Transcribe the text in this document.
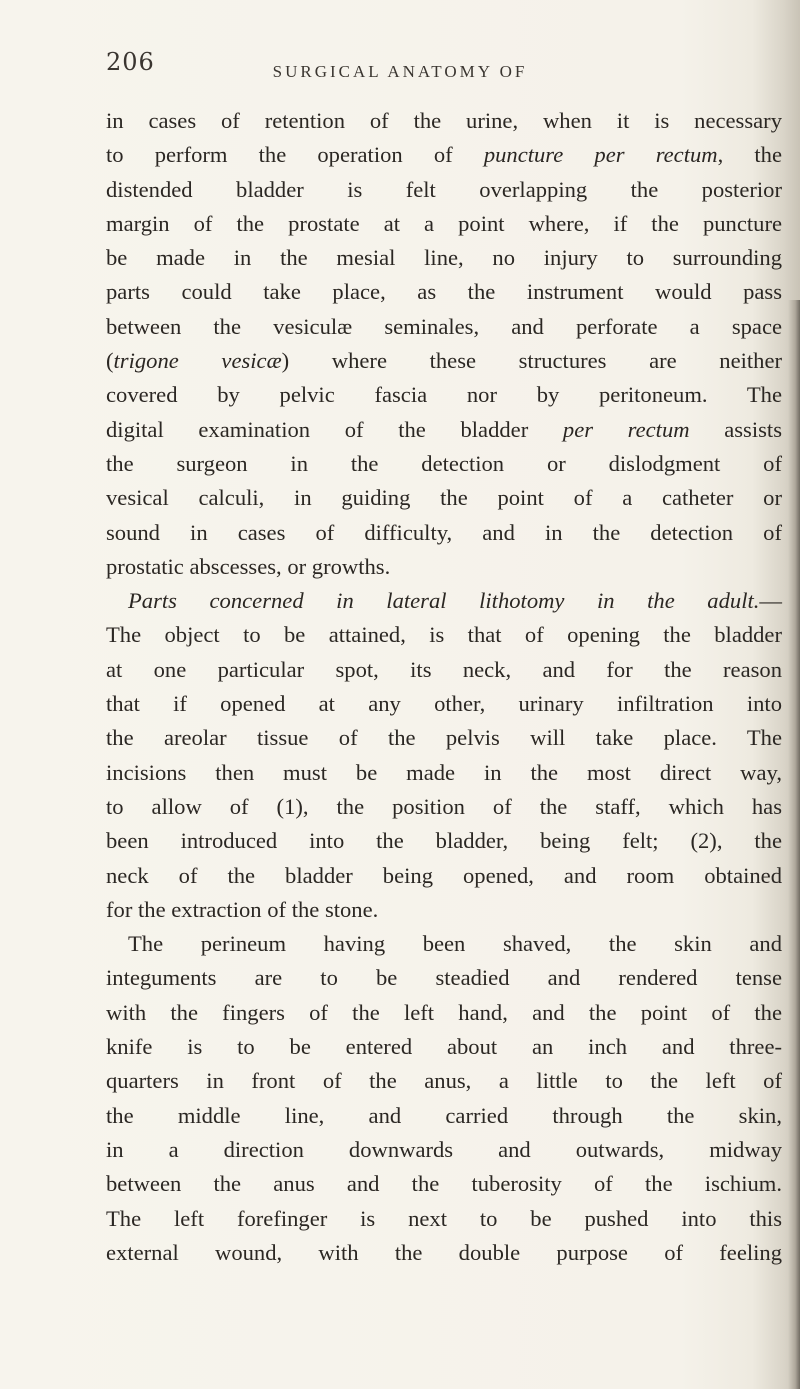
206	SURGICAL ANATOMY OF
in cases of retention of the urine, when it is necessary
to perform the operation of puncture per rectum, the
distended bladder is felt overlapping the posterior
margin of the prostate at a point where, if the puncture
be made in the mesial line, no injury to surrounding
parts could take place, as the instrument would pass
between the vesiculæ seminales, and perforate a space
(trigone vesicæ) where these structures are neither
covered by pelvic fascia nor by peritoneum. The
digital examination of the bladder per rectum assists
the surgeon in the detection or dislodgment of
vesical calculi, in guiding the point of a catheter or
sound in cases of difficulty, and in the detection of
prostatic abscesses, or growths.
Parts concerned in lateral lithotomy in the adult.—
The object to be attained, is that of opening the bladder
at one particular spot, its neck, and for the reason
that if opened at any other, urinary infiltration into
the areolar tissue of the pelvis will take place. The
incisions then must be made in the most direct way,
to allow of (1), the position of the staff, which has
been introduced into the bladder, being felt; (2), the
neck of the bladder being opened, and room obtained
for the extraction of the stone.
The perineum having been shaved, the skin and
integuments are to be steadied and rendered tense
with the fingers of the left hand, and the point of the
knife is to be entered about an inch and three-
quarters in front of the anus, a little to the left of
the middle line, and carried through the skin,
in a direction downwards and outwards, midway
between the anus and the tuberosity of the ischium.
The left forefinger is next to be pushed into this
external wound, with the double purpose of feeling
